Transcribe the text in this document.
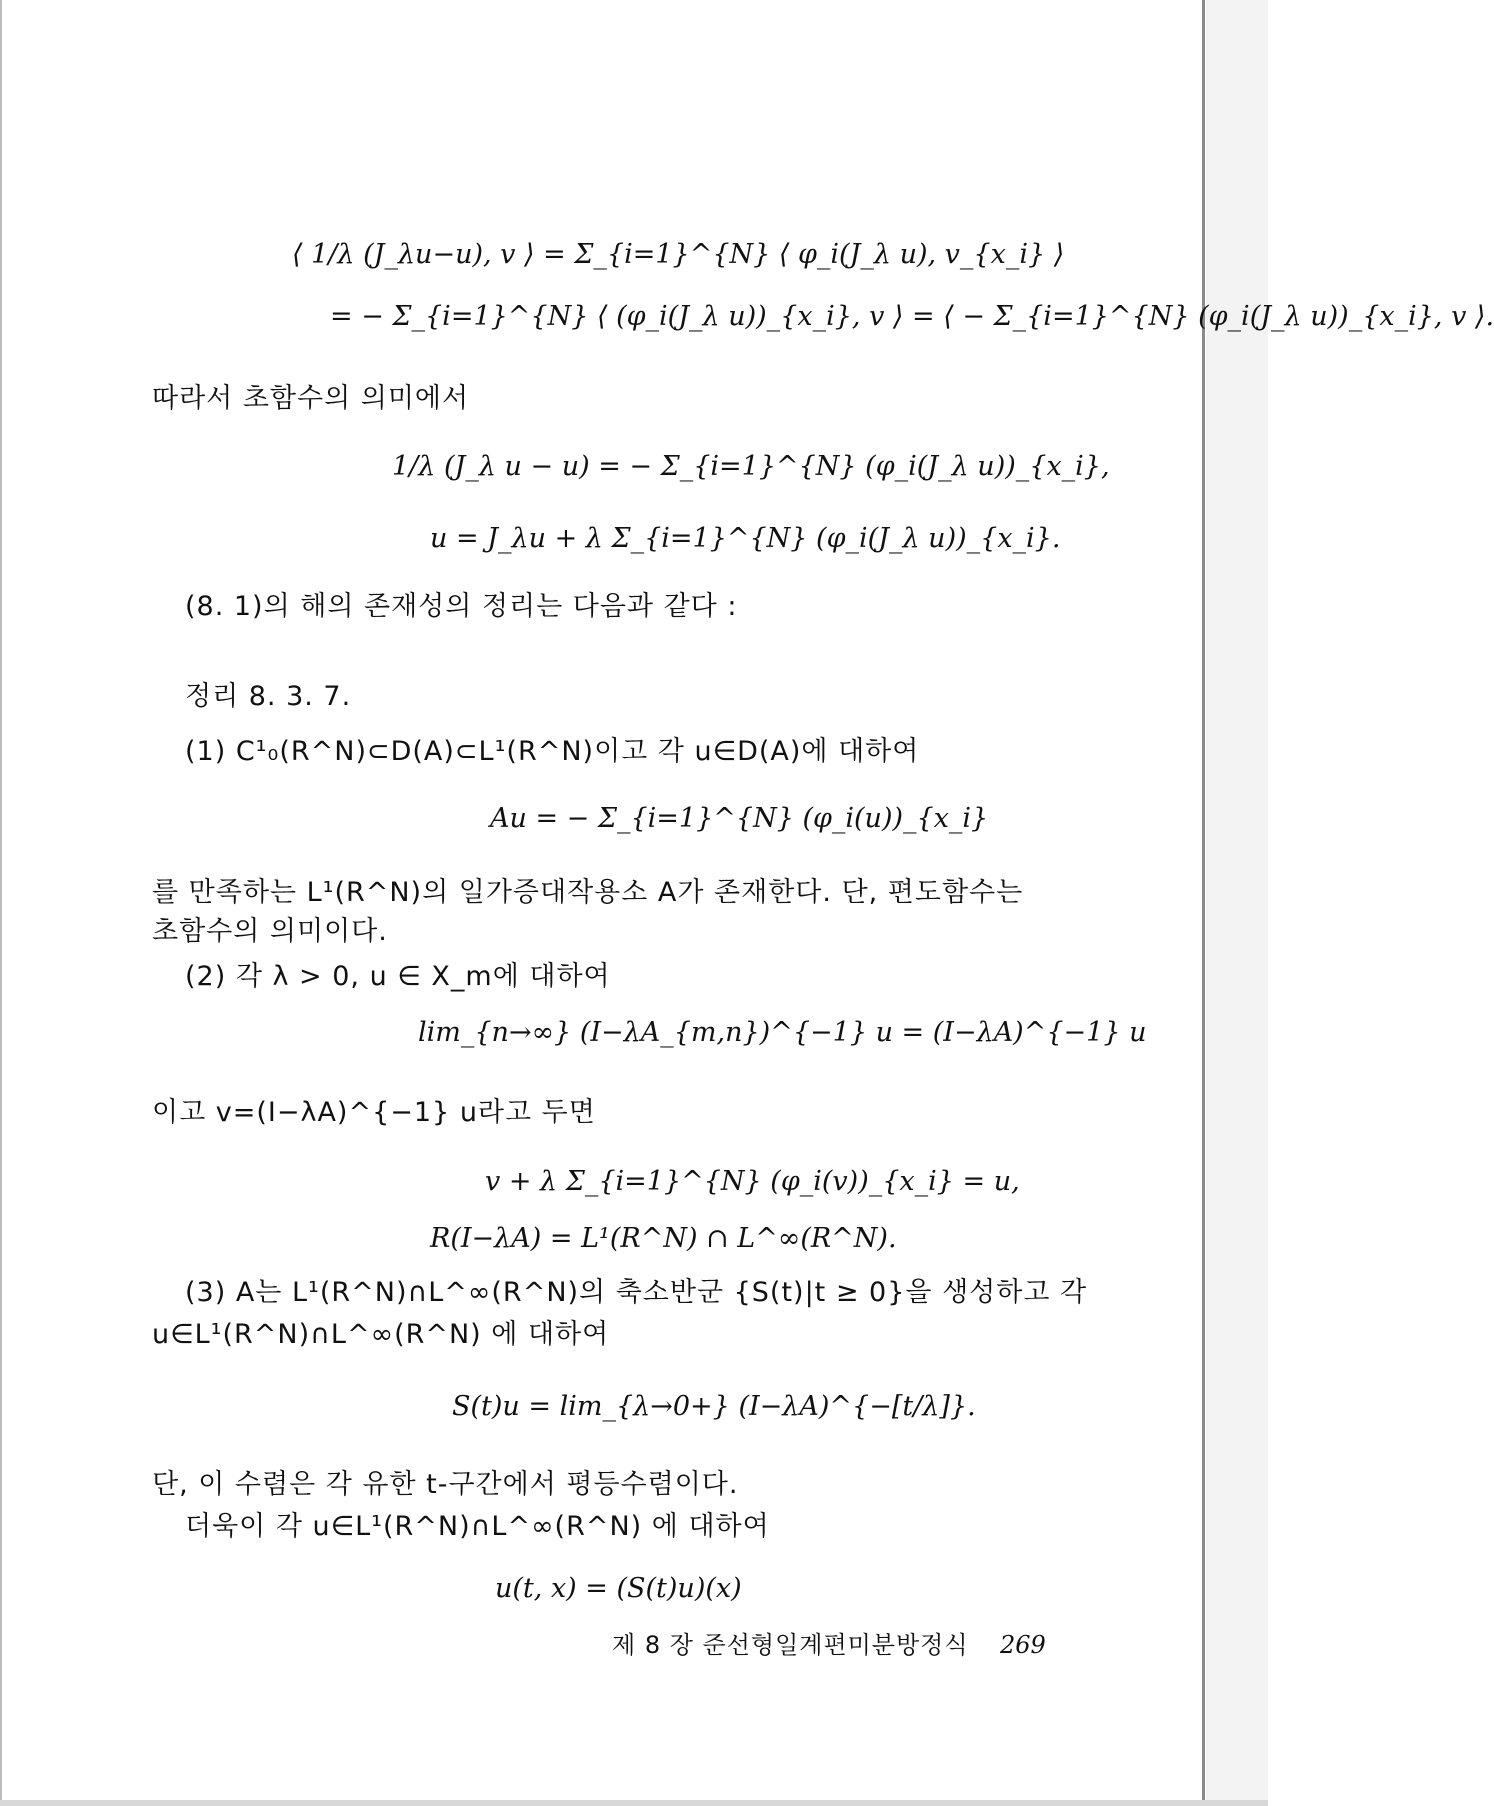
⟨ 1/λ (J_λu−u), v ⟩ = Σ_{i=1}^{N} ⟨ φ_i(J_λ u), v_{x_i} ⟩
= − Σ_{i=1}^{N} ⟨ (φ_i(J_λ u))_{x_i}, v ⟩ = ⟨ − Σ_{i=1}^{N} (φ_i(J_λ u))_{x_i}, v ⟩.
따라서 초함수의 의미에서
1/λ (J_λ u − u) = − Σ_{i=1}^{N} (φ_i(J_λ u))_{x_i},
u = J_λu + λ Σ_{i=1}^{N} (φ_i(J_λ u))_{x_i}.
(8. 1)의 해의 존재성의 정리는 다음과 같다 :
정리 8. 3. 7.
(1) C¹₀(R^N)⊂D(A)⊂L¹(R^N)이고 각 u∈D(A)에 대하여
Au = − Σ_{i=1}^{N} (φ_i(u))_{x_i}
를 만족하는 L¹(R^N)의 일가증대작용소 A가 존재한다. 단, 편도함수는
초함수의 의미이다.
(2) 각 λ > 0, u ∈ X_m에 대하여
lim_{n→∞} (I−λA_{m,n})^{−1} u = (I−λA)^{−1} u
이고 v=(I−λA)^{−1} u라고 두면
v + λ Σ_{i=1}^{N} (φ_i(v))_{x_i} = u,
R(I−λA) = L¹(R^N) ∩ L^∞(R^N).
(3) A는 L¹(R^N)∩L^∞(R^N)의 축소반군 {S(t)|t ≥ 0}을 생성하고 각
u∈L¹(R^N)∩L^∞(R^N) 에 대하여
S(t)u = lim_{λ→0+} (I−λA)^{−[t/λ]}.
단, 이 수렴은 각 유한 t-구간에서 평등수렴이다.
더욱이 각 u∈L¹(R^N)∩L^∞(R^N) 에 대하여
u(t, x) = (S(t)u)(x)
제 8 장 준선형일계편미분방정식 269
